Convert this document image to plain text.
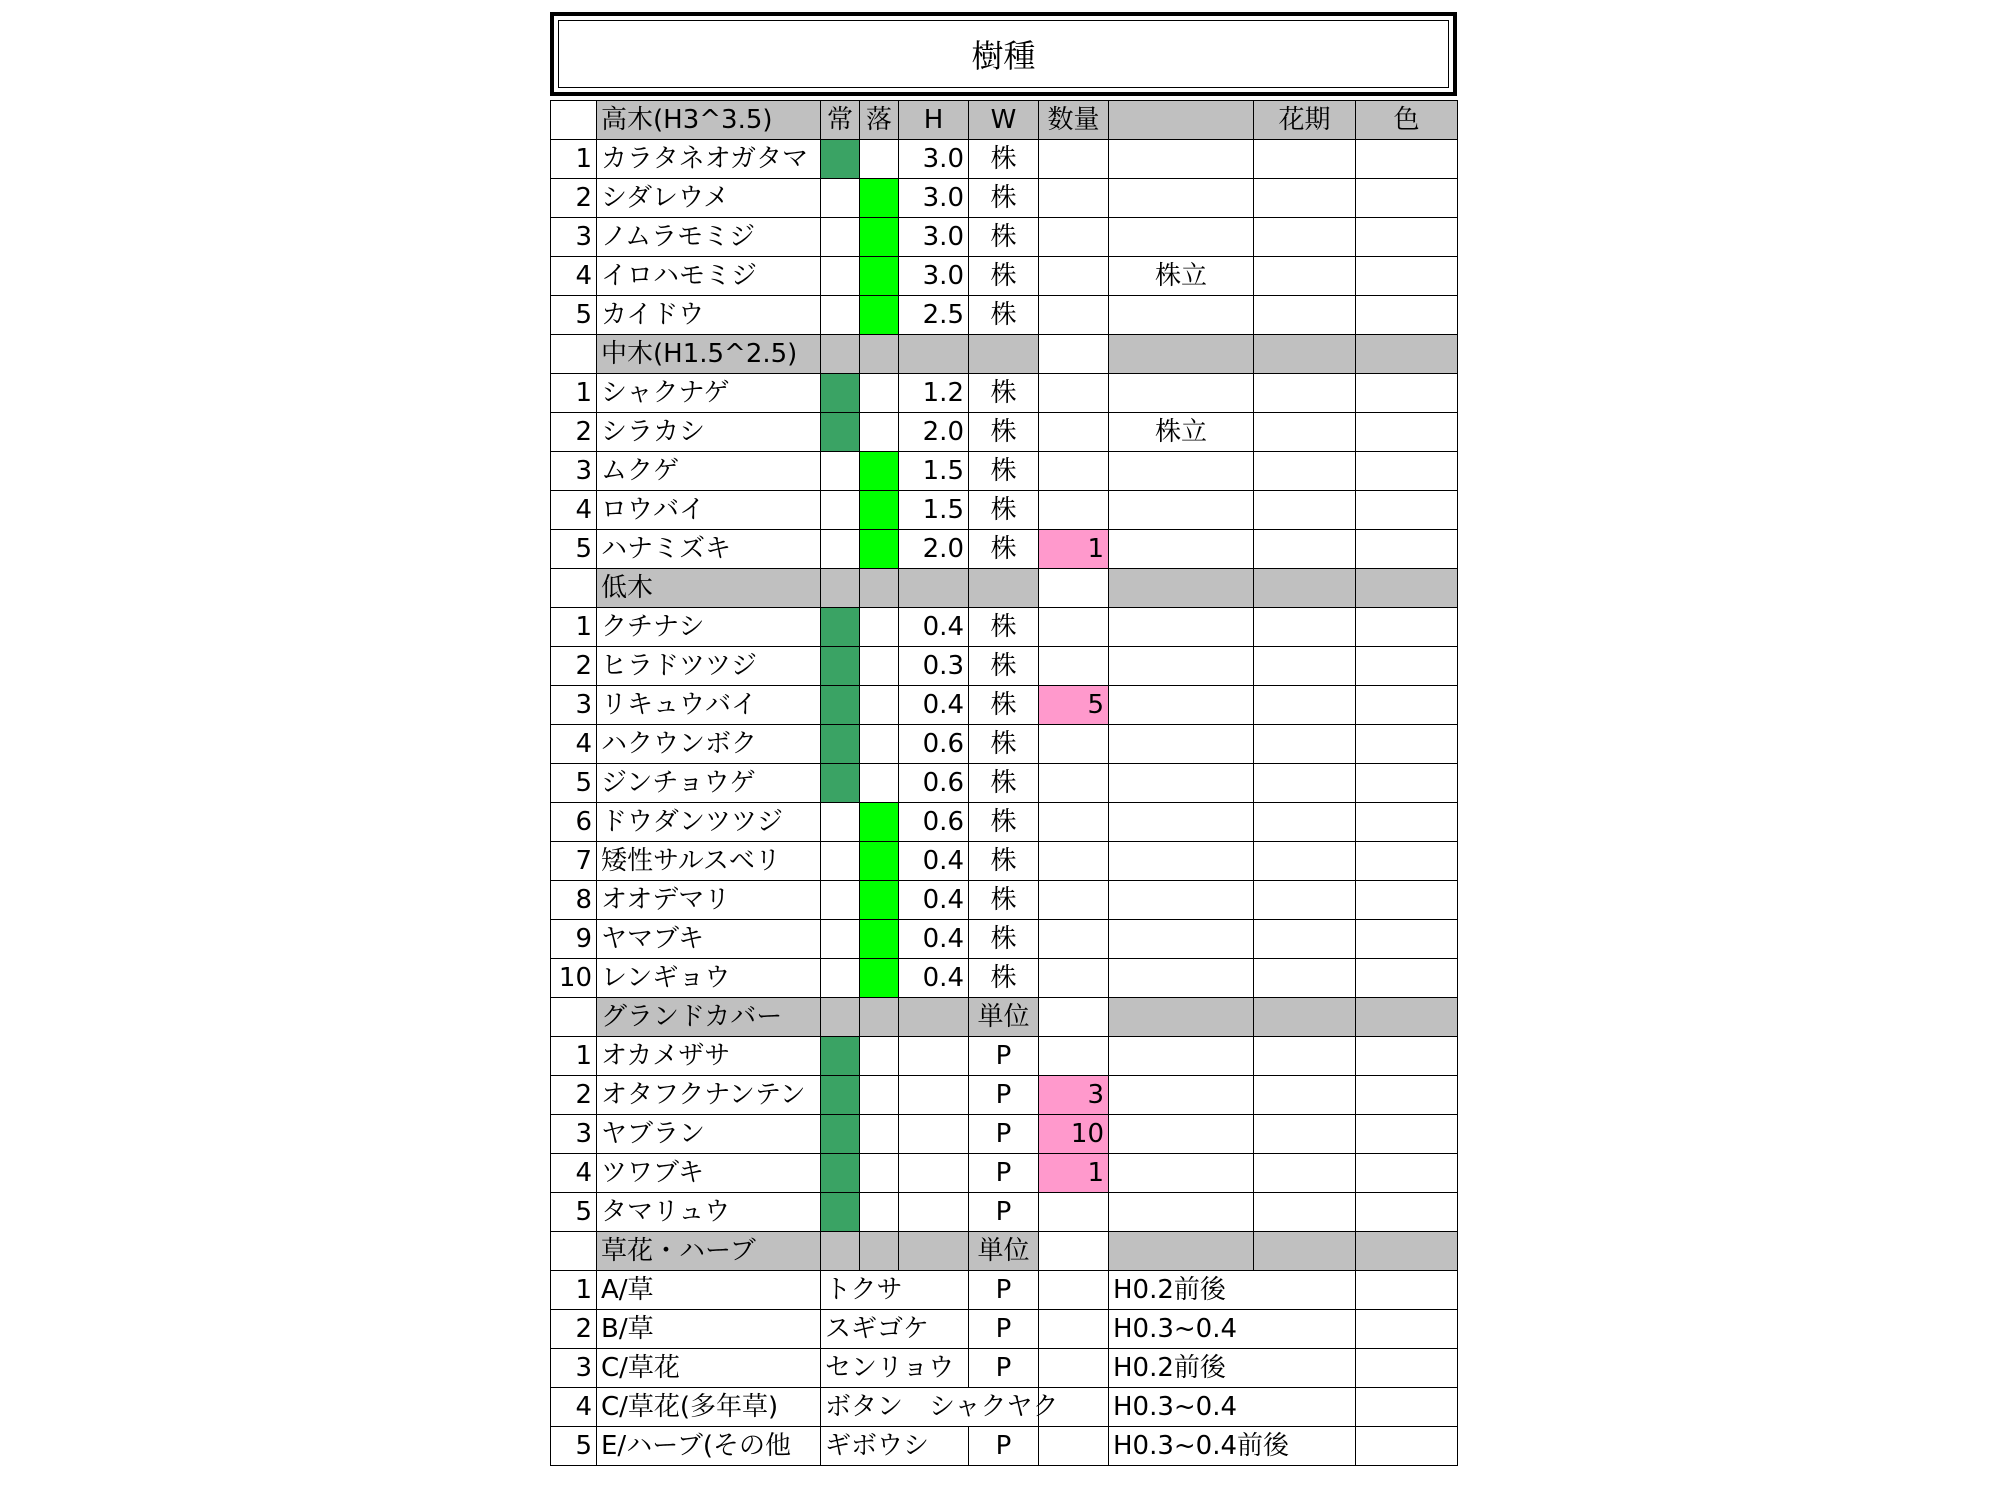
樹種
	高木(H3^3.5)	常	落	H	W	数量		花期	色
1	カラタネオガタマ			3.0	株				
2	シダレウメ			3.0	株				
3	ノムラモミジ			3.0	株				
4	イロハモミジ			3.0	株		株立		
5	カイドウ			2.5	株				
	中木(H1.5^2.5)								
1	シャクナゲ			1.2	株				
2	シラカシ			2.0	株		株立		
3	ムクゲ			1.5	株				
4	ロウバイ			1.5	株				
5	ハナミズキ			2.0	株	1			
	低木								
1	クチナシ			0.4	株				
2	ヒラドツツジ			0.3	株				
3	リキュウバイ			0.4	株	5			
4	ハクウンボク			0.6	株				
5	ジンチョウゲ			0.6	株				
6	ドウダンツツジ			0.6	株				
7	矮性サルスベリ			0.4	株				
8	オオデマリ			0.4	株				
9	ヤマブキ			0.4	株				
10	レンギョウ			0.4	株				
	グランドカバー				単位				
1	オカメザサ				P				
2	オタフクナンテン				P	3			
3	ヤブラン				P	10			
4	ツワブキ				P	1			
5	タマリュウ				P				
	草花・ハーブ				単位				
1	A/草	トクサ			P		H0.2前後		
2	B/草	スギゴケ			P		H0.3~0.4		
3	C/草花	センリョウ			P		H0.2前後		
4	C/草花(多年草)	ボタン　シャクヤク					H0.3~0.4		
5	E/ハーブ(その他	ギボウシ			P		H0.3~0.4前後		
